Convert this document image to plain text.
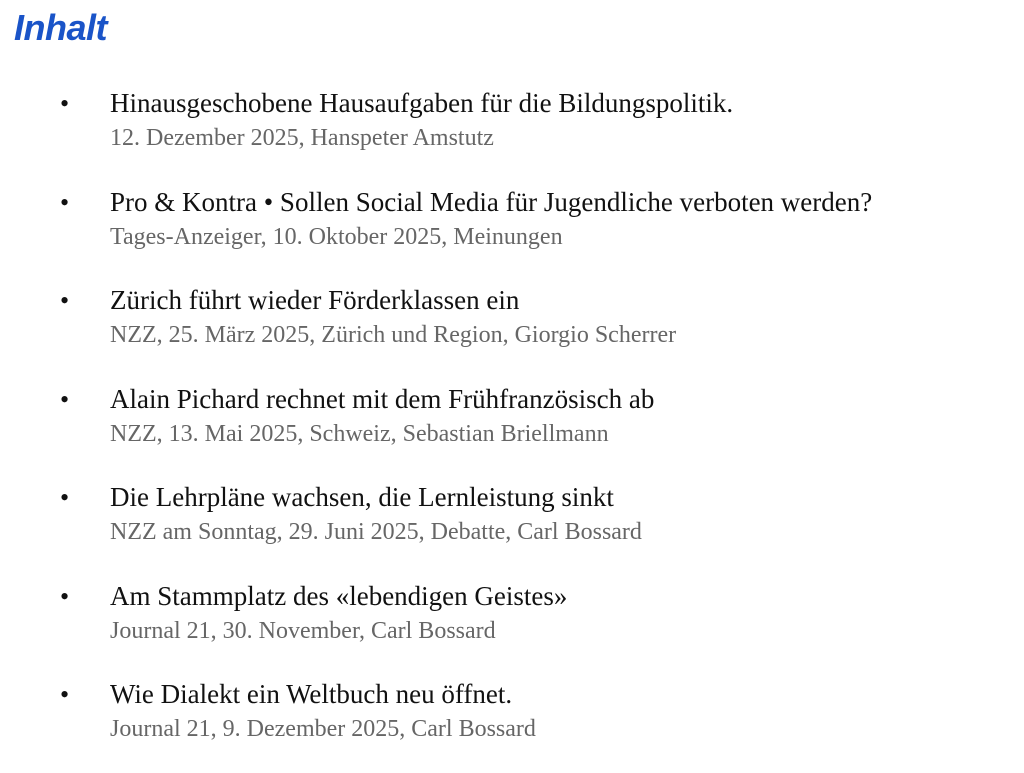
Inhalt
• Hinausgeschobene Hausaufgaben für die Bildungspolitik.
12. Dezember 2025, Hanspeter Amstutz
• Pro & Kontra • Sollen Social Media für Jugendliche verboten werden?
Tages-Anzeiger, 10. Oktober 2025, Meinungen
• Zürich führt wieder Förderklassen ein
NZZ, 25. März 2025, Zürich und Region, Giorgio Scherrer
• Alain Pichard rechnet mit dem Frühfranzösisch ab
NZZ, 13. Mai 2025, Schweiz, Sebastian Briellmann
• Die Lehrpläne wachsen, die Lernleistung sinkt
NZZ am Sonntag, 29. Juni 2025, Debatte, Carl Bossard
• Am Stammplatz des «lebendigen Geistes»
Journal 21, 30. November, Carl Bossard
• Wie Dialekt ein Weltbuch neu öffnet.
Journal 21, 9. Dezember 2025, Carl Bossard
